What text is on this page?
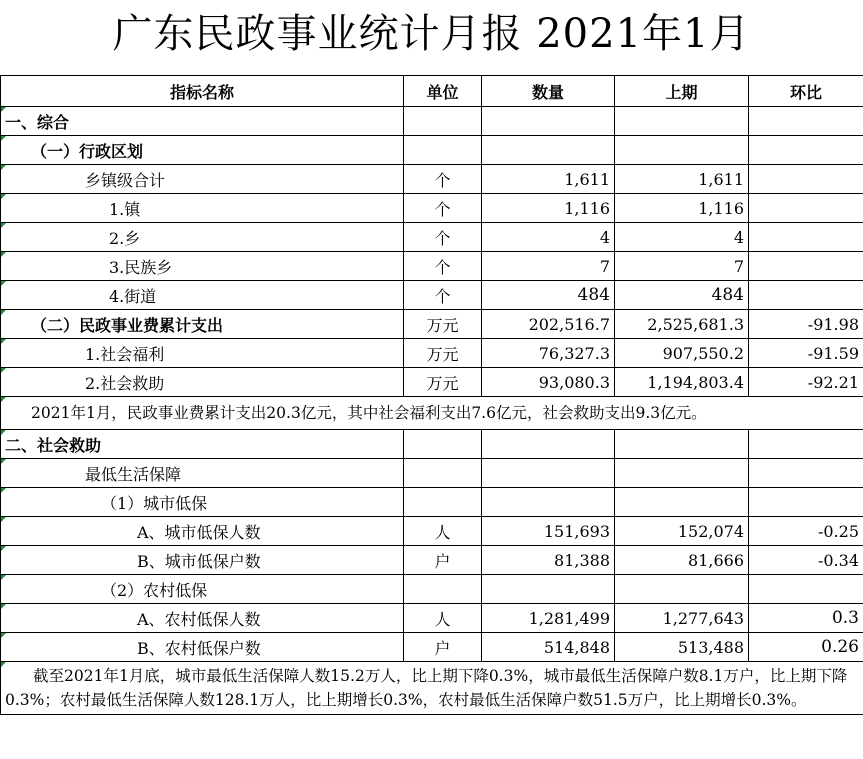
广东民政事业统计月报 2021年1月
指标名称	单位	数量	上期	环比
一、综合				
（一）行政区划				
乡镇级合计	个	1,611	1,611	
1.镇	个	1,116	1,116	
2.乡	个	4	4	
3.民族乡	个	7	7	
4.街道	个	484	484	
（二）民政事业费累计支出	万元	202,516.7	2,525,681.3	-91.98
1.社会福利	万元	76,327.3	907,550.2	-91.59
2.社会救助	万元	93,080.3	1,194,803.4	-92.21
2021年1月，民政事业费累计支出20.3亿元，其中社会福利支出7.6亿元，社会救助支出9.3亿元。				
二、社会救助				
最低生活保障				
（1）城市低保				
A、城市低保人数	人	151,693	152,074	-0.25
B、城市低保户数	户	81,388	81,666	-0.34
（2）农村低保				
A、农村低保人数	人	1,281,499	1,277,643	0.3
B、农村低保户数	户	514,848	513,488	0.26
截至2021年1月底，城市最低生活保障人数15.2万人，比上期下降0.3%，城市最低生活保障户数8.1万户，比上期下降0.3%；农村最低生活保障人数128.1万人，比上期增长0.3%，农村最低生活保障户数51.5万户，比上期增长0.3%。				
